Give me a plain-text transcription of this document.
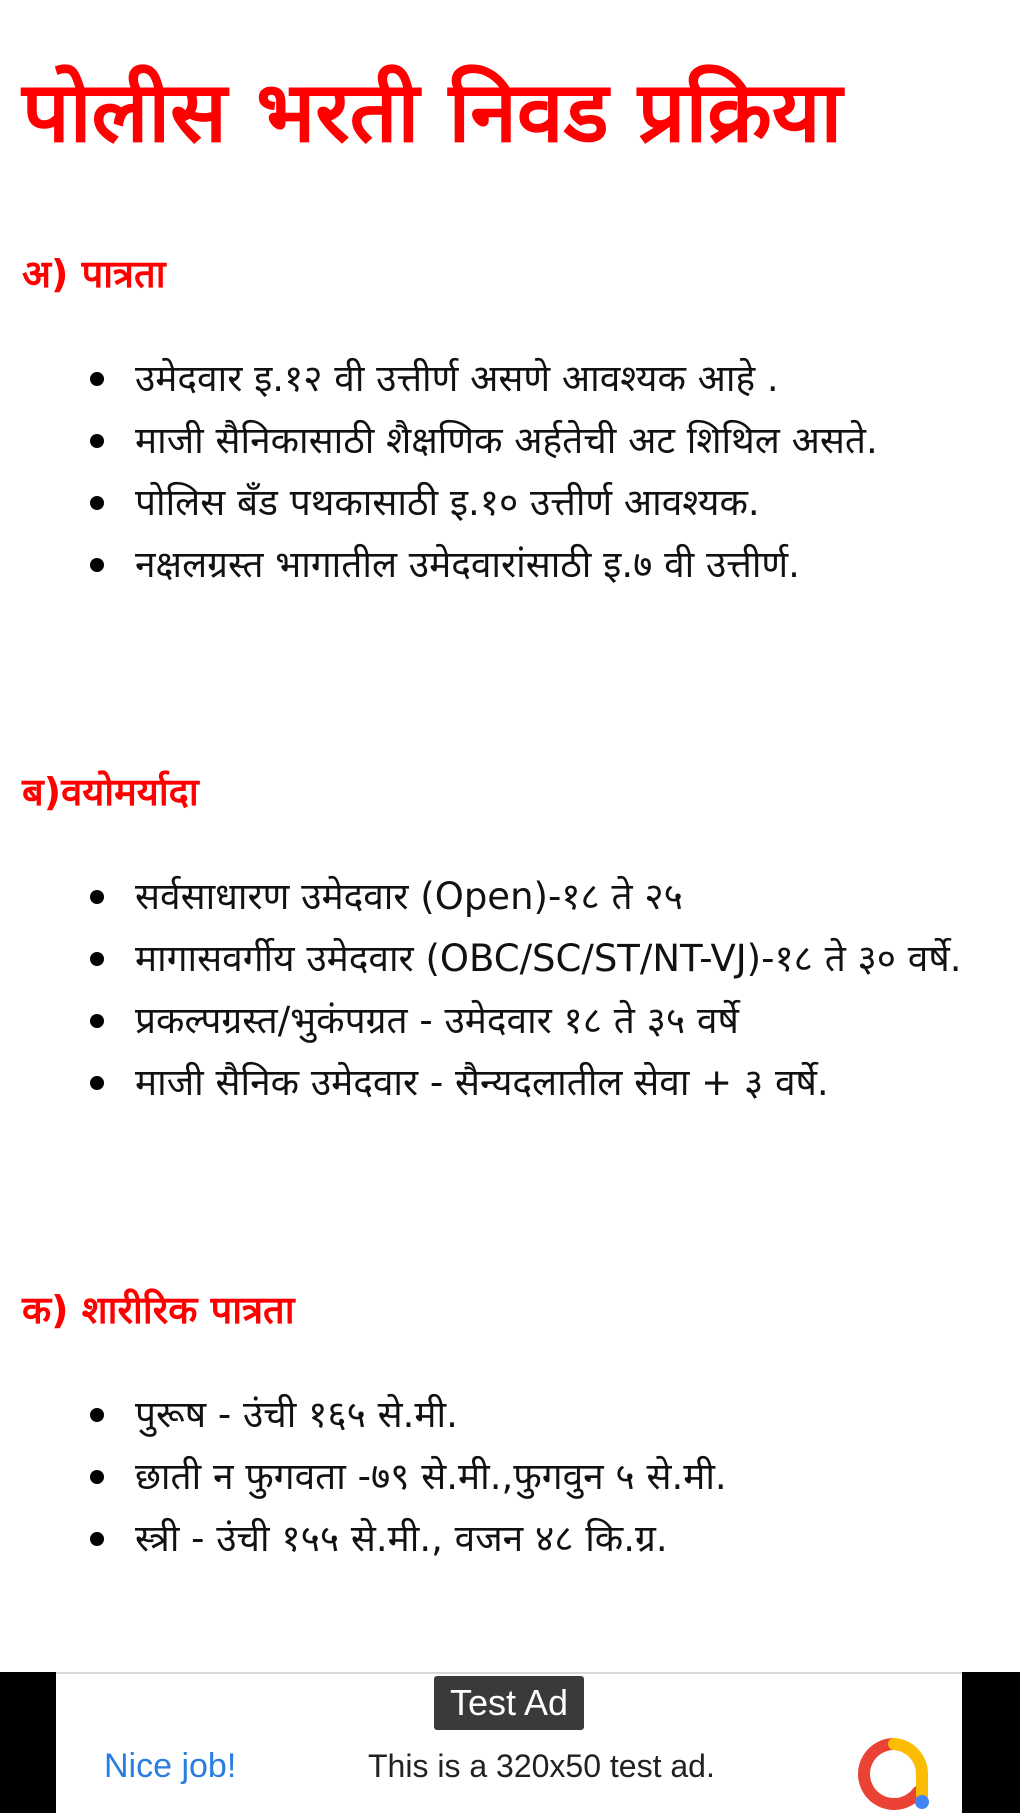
पोलीस भरती निवड प्रक्रिया
अ) पात्रता
उमेदवार इ.१२ वी उत्तीर्ण असणे आवश्यक आहे .
माजी सैनिकासाठी शैक्षणिक अर्हतेची अट शिथिल असते.
पोलिस बँड पथकासाठी इ.१० उत्तीर्ण आवश्यक.
नक्षलग्रस्त भागातील उमेदवारांसाठी इ.७ वी उत्तीर्ण.
ब)वयोमर्यादा
सर्वसाधारण उमेदवार (Open)-१८ ते २५
मागासवर्गीय उमेदवार (OBC/SC/ST/NT-VJ)-१८ ते ३० वर्षे.
प्रकल्पग्रस्त/भुकंपग्रत - उमेदवार १८ ते ३५ वर्षे
माजी सैनिक उमेदवार - सैन्यदलातील सेवा + ३ वर्षे.
क) शारीरिक पात्रता
पुरूष - उंची १६५ से.मी.
छाती न फुगवता -७९ से.मी.,फुगवुन ५ से.मी.
स्त्री - उंची १५५ से.मी., वजन ४८ कि.ग्र.
Test Ad
Nice job!	This is a 320x50 test ad.
